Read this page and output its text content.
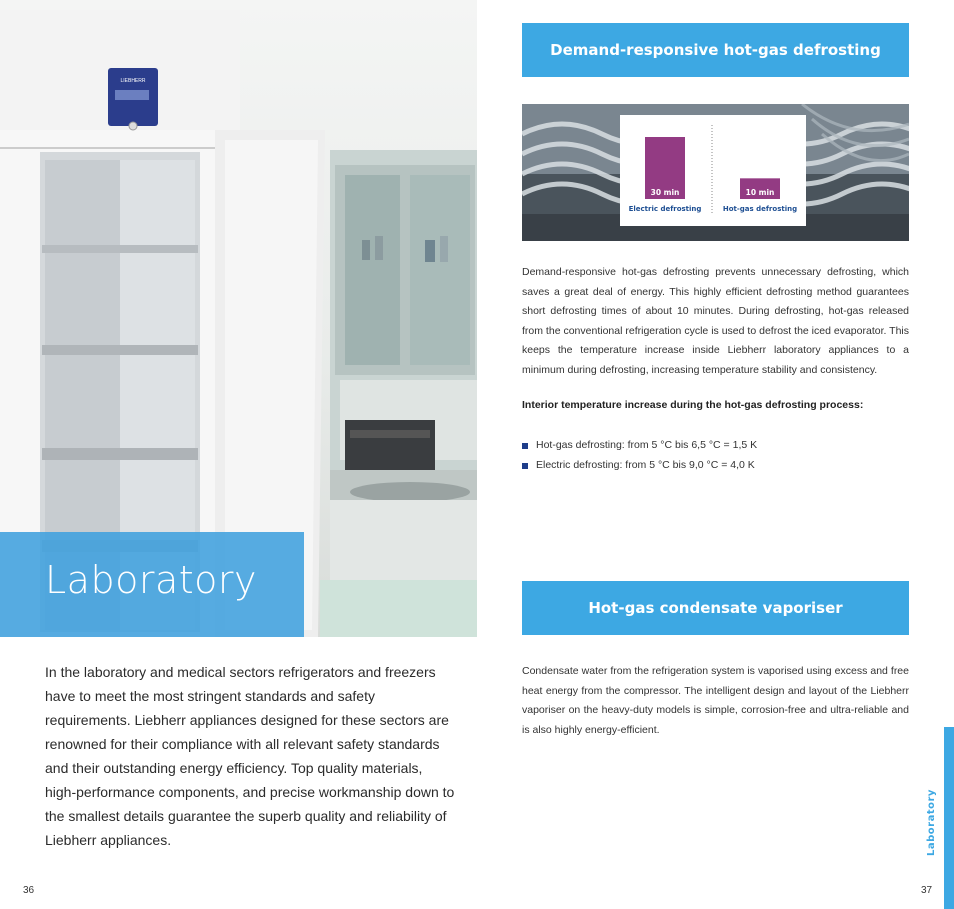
LIEBHERR
Laboratory
In the laboratory and medical sectors refrigerators and freezers have to meet the most stringent standards and safety requirements. Liebherr appliances designed for these sectors are renowned for their compliance with all relevant safety standards and their outstanding energy efficiency. Top quality materials, high-performance components, and precise workmanship down to the smallest details guarantee the superb quality and reliability of Liebherr appliances.
36
Demand-responsive hot-gas defrosting
30 min
Electric defrosting
10 min
Hot-gas defrosting
Demand-responsive hot-gas defrosting prevents unnecessary defrosting, which saves a great deal of energy. This highly efficient defrosting method guarantees short defrosting times of about 10 minutes. During defrosting, hot-gas released from the conventional refrigeration cycle is used to defrost the iced evaporator. This keeps the temperature increase inside Liebherr laboratory appliances to a minimum during defrosting, increasing temperature stability and consistency.
Interior temperature increase during the hot-gas defrosting process:
Hot-gas defrosting: from 5 °C bis 6,5 °C = 1,5 K
Electric defrosting: from 5 °C bis 9,0 °C = 4,0 K
Hot-gas condensate vaporiser
Condensate water from the refrigeration system is vaporised using excess and free heat energy from the compressor. The intelligent design and layout of the Liebherr vaporiser on the heavy-duty models is simple, corrosion-free and ultra-reliable and is also highly energy-efficient.
Laboratory
37
